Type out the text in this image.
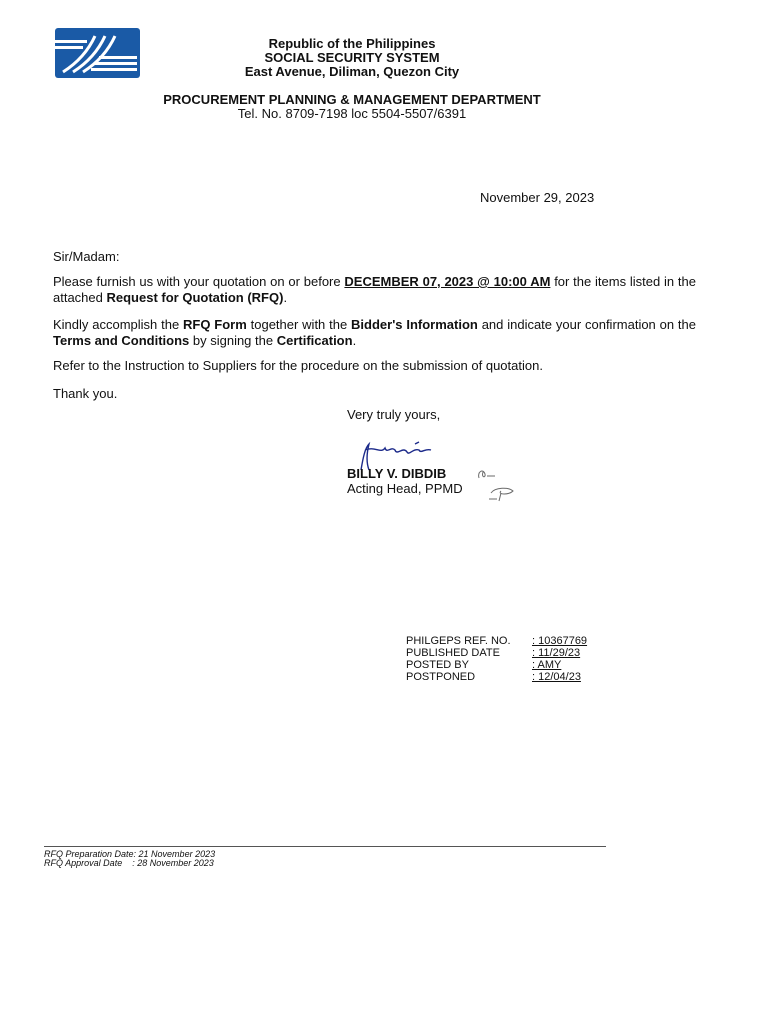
Republic of the Philippines
SOCIAL SECURITY SYSTEM
East Avenue, Diliman, Quezon City
PROCUREMENT PLANNING & MANAGEMENT DEPARTMENT
Tel. No. 8709-7198 loc 5504-5507/6391
November 29, 2023
Sir/Madam:
Please furnish us with your quotation on or before DECEMBER 07, 2023 @ 10:00 AM for the items listed in the attached Request for Quotation (RFQ).
Kindly accomplish the RFQ Form together with the Bidder's Information and indicate your confirmation on the Terms and Conditions by signing the Certification.
Refer to the Instruction to Suppliers for the procedure on the submission of quotation.
Thank you.
Very truly yours,
BILLY V. DIBDIB
Acting Head, PPMD
PHILGEPS REF. NO.	: 10367769
PUBLISHED DATE	: 11/29/23
POSTED BY	: AMY
POSTPONED	: 12/04/23
RFQ Preparation Date: 21 November 2023
RFQ Approval Date    : 28 November 2023
